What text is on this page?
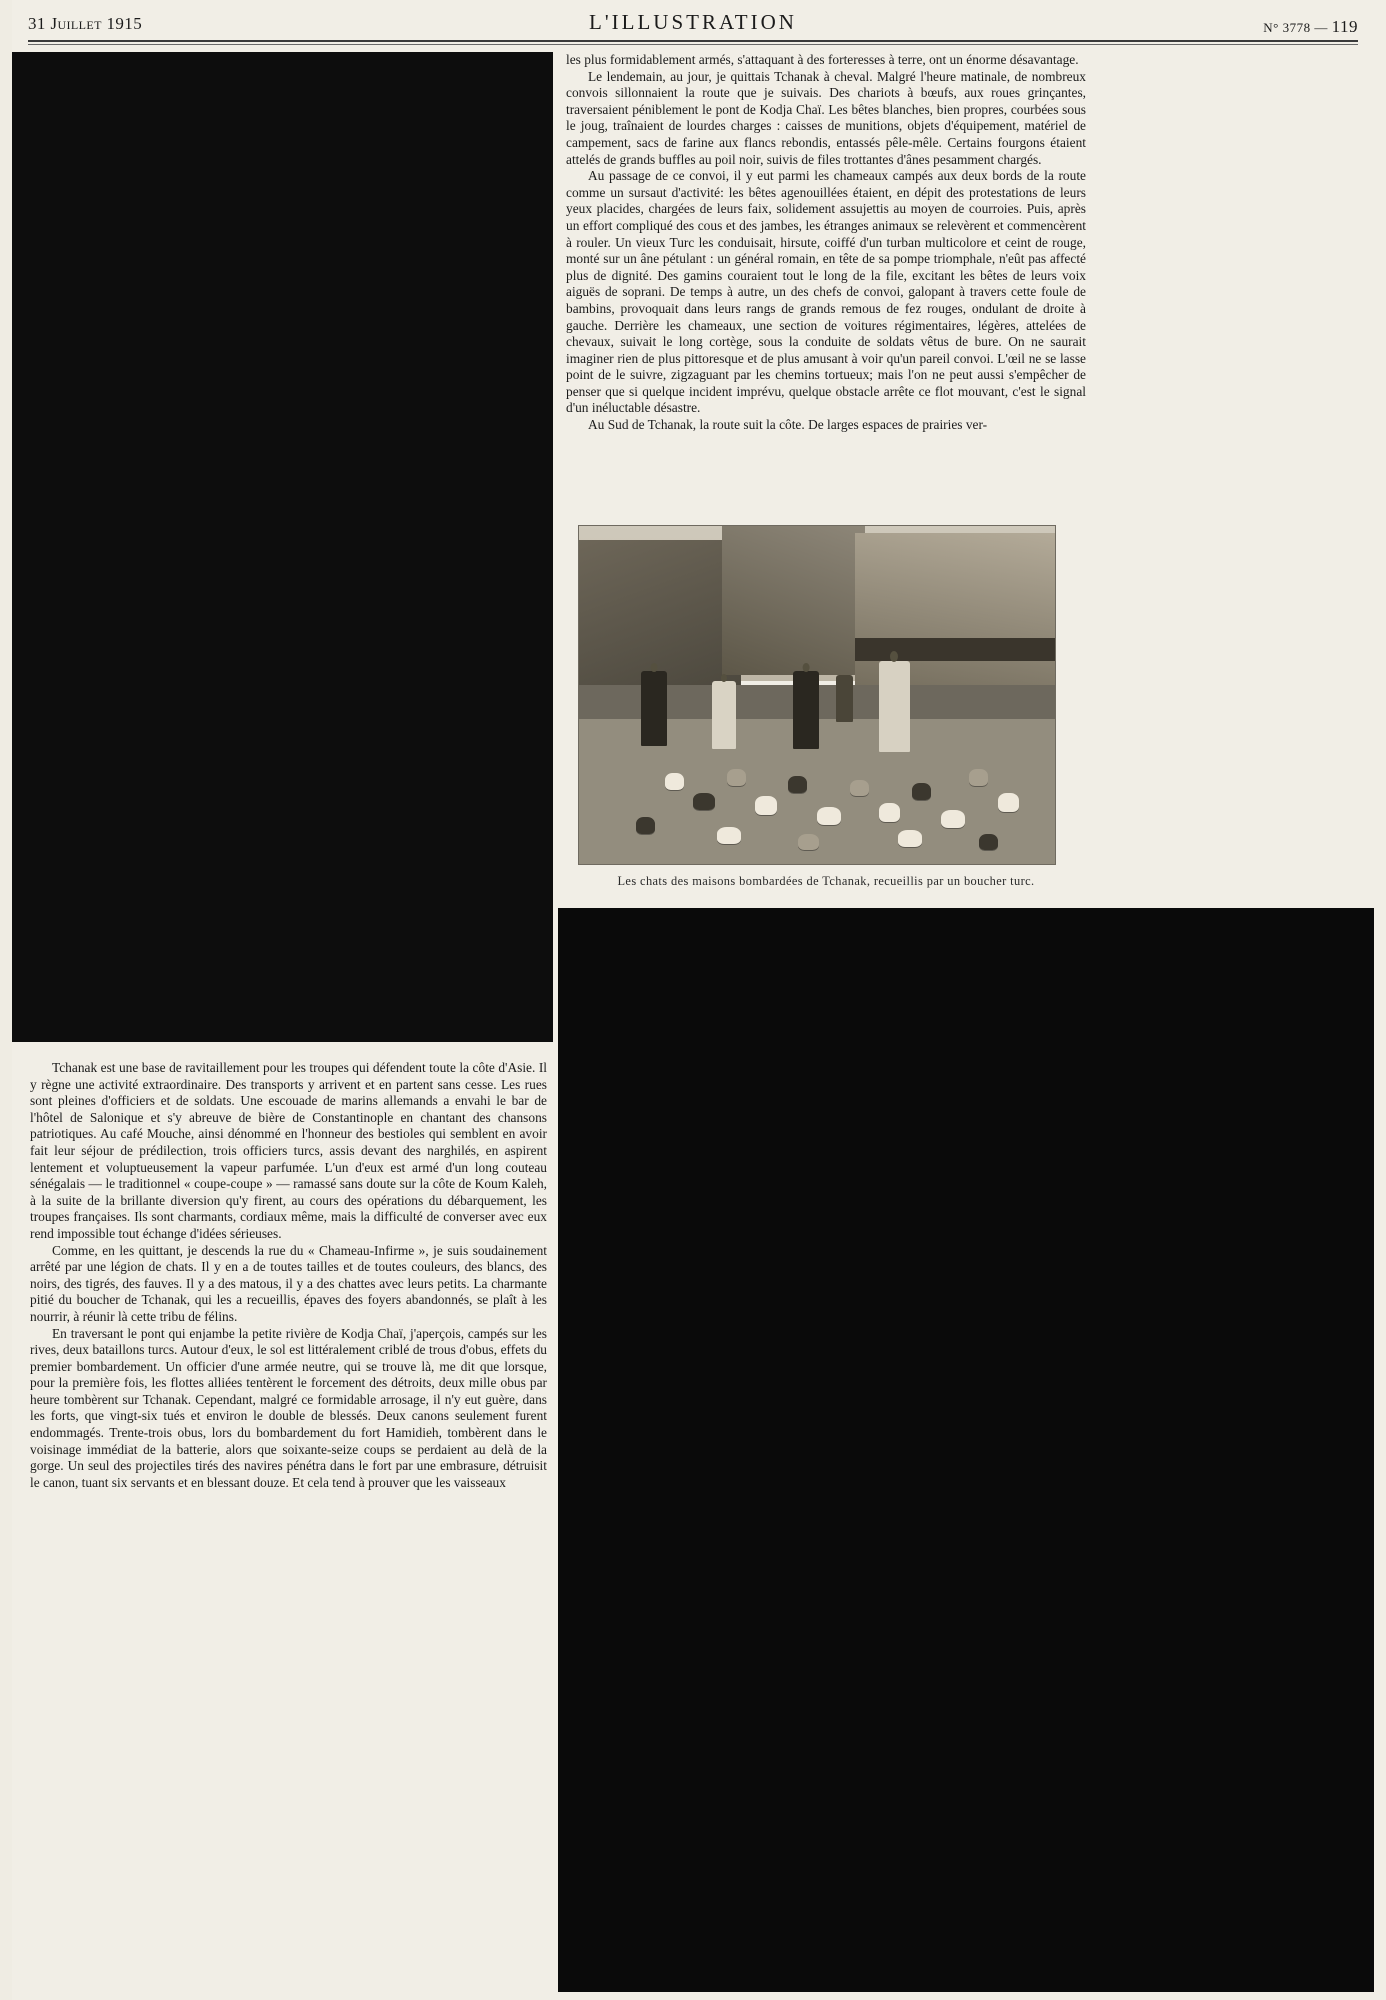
31 Juillet 1915	L'ILLUSTRATION	N° 3778 — 119
Les chats des maisons bombardées de Tchanak, recueillis par un boucher turc.

les plus formidablement armés, s'attaquant à des forteresses à terre, ont un énorme désavantage.

Le lendemain, au jour, je quittais Tchanak à cheval. Malgré l'heure matinale, de nombreux convois sillonnaient la route que je suivais. Des chariots à bœufs, aux roues grinçantes, traversaient péniblement le pont de Kodja Chaï. Les bêtes blanches, bien propres, courbées sous le joug, traînaient de lourdes charges : caisses de munitions, objets d'équipement, matériel de campement, sacs de farine aux flancs rebondis, entassés pêle-mêle. Certains fourgons étaient attelés de grands buffles au poil noir, suivis de files trottantes d'ânes pesamment chargés.

Au passage de ce convoi, il y eut parmi les chameaux campés aux deux bords de la route comme un sursaut d'activité: les bêtes agenouillées étaient, en dépit des protestations de leurs yeux placides, chargées de leurs faix, solidement assujettis au moyen de courroies. Puis, après un effort compliqué des cous et des jambes, les étranges animaux se relevèrent et commencèrent à rouler. Un vieux Turc les conduisait, hirsute, coiffé d'un turban multicolore et ceint de rouge, monté sur un âne pétulant : un général romain, en tête de sa pompe triomphale, n'eût pas affecté plus de dignité. Des gamins couraient tout le long de la file, excitant les bêtes de leurs voix aiguës de soprani. De temps à autre, un des chefs de convoi, galopant à travers cette foule de bambins, provoquait dans leurs rangs de grands remous de fez rouges, ondulant de droite à gauche. Derrière les chameaux, une section de voitures régimentaires, légères, attelées de chevaux, suivait le long cortège, sous la conduite de soldats vêtus de bure. On ne saurait imaginer rien de plus pittoresque et de plus amusant à voir qu'un pareil convoi. L'œil ne se lasse point de le suivre, zigzaguant par les chemins tortueux; mais l'on ne peut aussi s'empêcher de penser que si quelque incident imprévu, quelque obstacle arrête ce flot mouvant, c'est le signal d'un inéluctable désastre.

Au Sud de Tchanak, la route suit la côte. De larges espaces de prairies ver-

Tchanak est une base de ravitaillement pour les troupes qui défendent toute la côte d'Asie. Il y règne une activité extraordinaire. Des transports y arrivent et en partent sans cesse. Les rues sont pleines d'officiers et de soldats. Une escouade de marins allemands a envahi le bar de l'hôtel de Salonique et s'y abreuve de bière de Constantinople en chantant des chansons patriotiques. Au café Mouche, ainsi dénommé en l'honneur des bestioles qui semblent en avoir fait leur séjour de prédilection, trois officiers turcs, assis devant des narghilés, en aspirent lentement et voluptueusement la vapeur parfumée. L'un d'eux est armé d'un long couteau sénégalais — le traditionnel « coupe-coupe » — ramassé sans doute sur la côte de Koum Kaleh, à la suite de la brillante diversion qu'y firent, au cours des opérations du débarquement, les troupes françaises. Ils sont charmants, cordiaux même, mais la difficulté de converser avec eux rend impossible tout échange d'idées sérieuses.

Comme, en les quittant, je descends la rue du « Chameau-Infirme », je suis soudainement arrêté par une légion de chats. Il y en a de toutes tailles et de toutes couleurs, des blancs, des noirs, des tigrés, des fauves. Il y a des matous, il y a des chattes avec leurs petits. La charmante pitié du boucher de Tchanak, qui les a recueillis, épaves des foyers abandonnés, se plaît à les nourrir, à réunir là cette tribu de félins.

En traversant le pont qui enjambe la petite rivière de Kodja Chaï, j'aperçois, campés sur les rives, deux bataillons turcs. Autour d'eux, le sol est littéralement criblé de trous d'obus, effets du premier bombardement. Un officier d'une armée neutre, qui se trouve là, me dit que lorsque, pour la première fois, les flottes alliées tentèrent le forcement des détroits, deux mille obus par heure tombèrent sur Tchanak. Cependant, malgré ce formidable arrosage, il n'y eut guère, dans les forts, que vingt-six tués et environ le double de blessés. Deux canons seulement furent endommagés. Trente-trois obus, lors du bombardement du fort Hamidieh, tombèrent dans le voisinage immédiat de la batterie, alors que soixante-seize coups se perdaient au delà de la gorge. Un seul des projectiles tirés des navires pénétra dans le fort par une embrasure, détruisit le canon, tuant six servants et en blessant douze. Et cela tend à prouver que les vaisseaux
